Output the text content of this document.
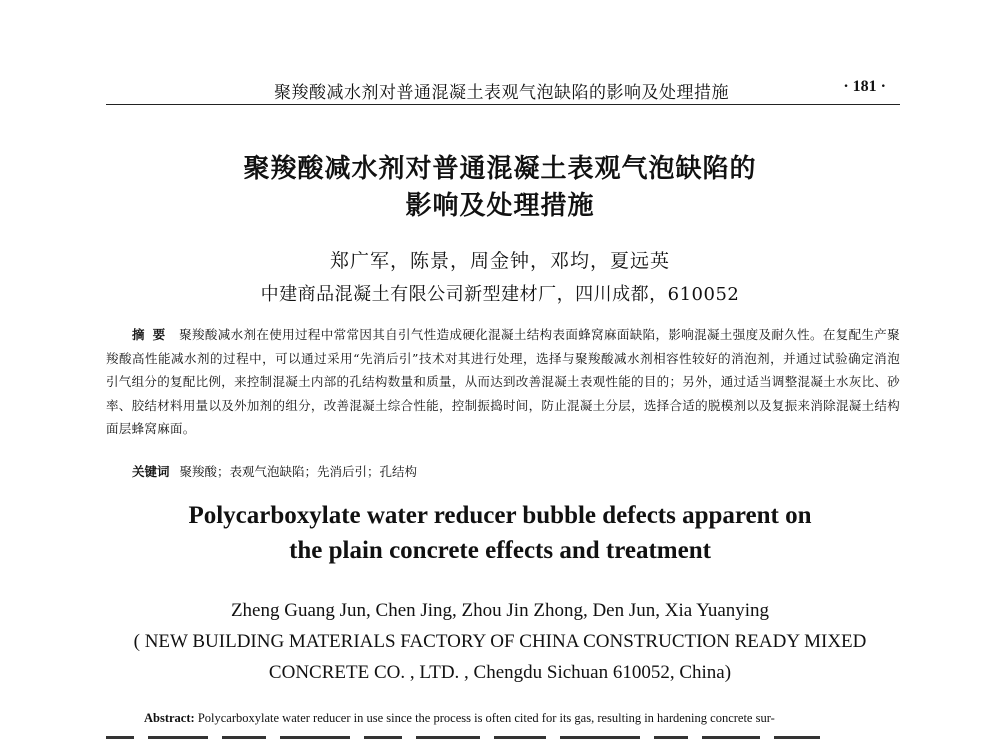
聚羧酸减水剂对普通混凝土表观气泡缺陷的影响及处理措施	· 181 ·
聚羧酸减水剂对普通混凝土表观气泡缺陷的
影响及处理措施
郑广军，陈景，周金钟，邓均，夏远英
中建商品混凝土有限公司新型建材厂，四川成都，610052
摘要 聚羧酸减水剂在使用过程中常常因其自引气性造成硬化混凝土结构表面蜂窝麻面缺陷，影响混凝土强度及耐久性。在复配生产聚羧酸高性能减水剂的过程中，可以通过采用“先消后引”技术对其进行处理，选择与聚羧酸减水剂相容性较好的消泡剂，并通过试验确定消泡引气组分的复配比例，来控制混凝土内部的孔结构数量和质量，从而达到改善混凝土表观性能的目的；另外，通过适当调整混凝土水灰比、砂率、胶结材料用量以及外加剂的组分，改善混凝土综合性能，控制振捣时间，防止混凝土分层，选择合适的脱模剂以及复振来消除混凝土结构面层蜂窝麻面。
关键词 聚羧酸；表观气泡缺陷；先消后引；孔结构
Polycarboxylate water reducer bubble defects apparent on
the plain concrete effects and treatment
Zheng Guang Jun, Chen Jing, Zhou Jin Zhong, Den Jun, Xia Yuanying
( NEW BUILDING MATERIALS FACTORY OF CHINA CONSTRUCTION READY MIXED
CONCRETE CO. , LTD. , Chengdu Sichuan 610052, China)
Abstract: Polycarboxylate water reducer in use since the process is often cited for its gas, resulting in hardening concrete sur-
